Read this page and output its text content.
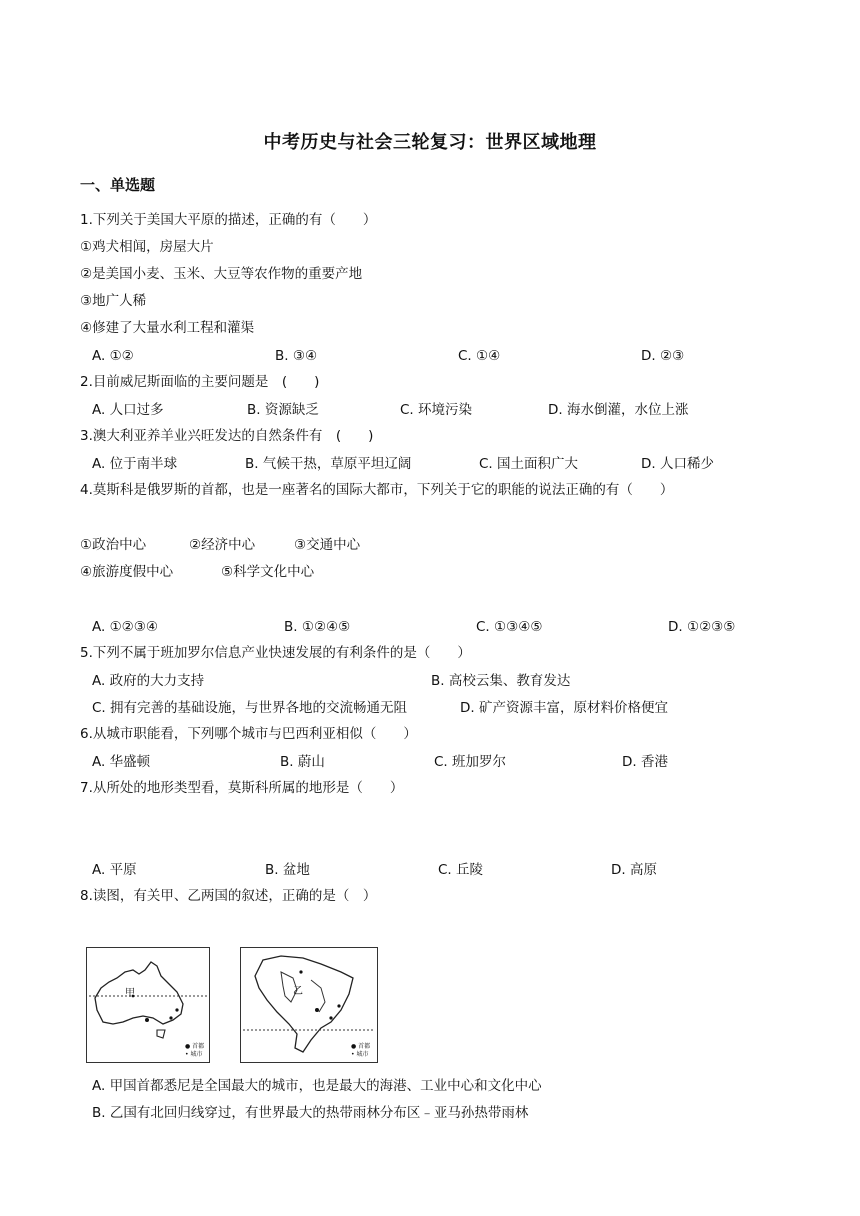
中考历史与社会三轮复习：世界区域地理
一、单选题
1.下列关于美国大平原的描述，正确的有（　　）
①鸡犬相闻，房屋大片
②是美国小麦、玉米、大豆等农作物的重要产地
③地广人稀
④修建了大量水利工程和灌渠
A. ①②	B. ③④	C. ①④	D. ②③
2.目前威尼斯面临的主要问题是　(　　)
A. 人口过多	B. 资源缺乏	C. 环境污染	D. 海水倒灌，水位上涨
3.澳大利亚养羊业兴旺发达的自然条件有　(　　)
A. 位于南半球	B. 气候干热，草原平坦辽阔	C. 国土面积广大	D. 人口稀少
4.莫斯科是俄罗斯的首都，也是一座著名的国际大都市，下列关于它的职能的说法正确的有（　　）
①政治中心	②经济中心	③交通中心
④旅游度假中心	⑤科学文化中心
A. ①②③④	B. ①②④⑤	C. ①③④⑤	D. ①②③⑤
5.下列不属于班加罗尔信息产业快速发展的有利条件的是（　　）
A. 政府的大力支持	B. 高校云集、教育发达
C. 拥有完善的基础设施，与世界各地的交流畅通无阻	D. 矿产资源丰富，原材料价格便宜
6.从城市职能看，下列哪个城市与巴西利亚相似（　　）
A. 华盛顿	B. 蔚山	C. 班加罗尔	D. 香港
7.从所处的地形类型看，莫斯科所属的地形是（　　）
A. 平原	B. 盆地	C. 丘陵	D. 高原
8.读图，有关甲、乙两国的叙述，正确的是（　）
甲
● 首都
• 城市
乙
● 首都
• 城市
A. 甲国首都悉尼是全国最大的城市，也是最大的海港、工业中心和文化中心
B. 乙国有北回归线穿过，有世界最大的热带雨林分布区﹣亚马孙热带雨林
